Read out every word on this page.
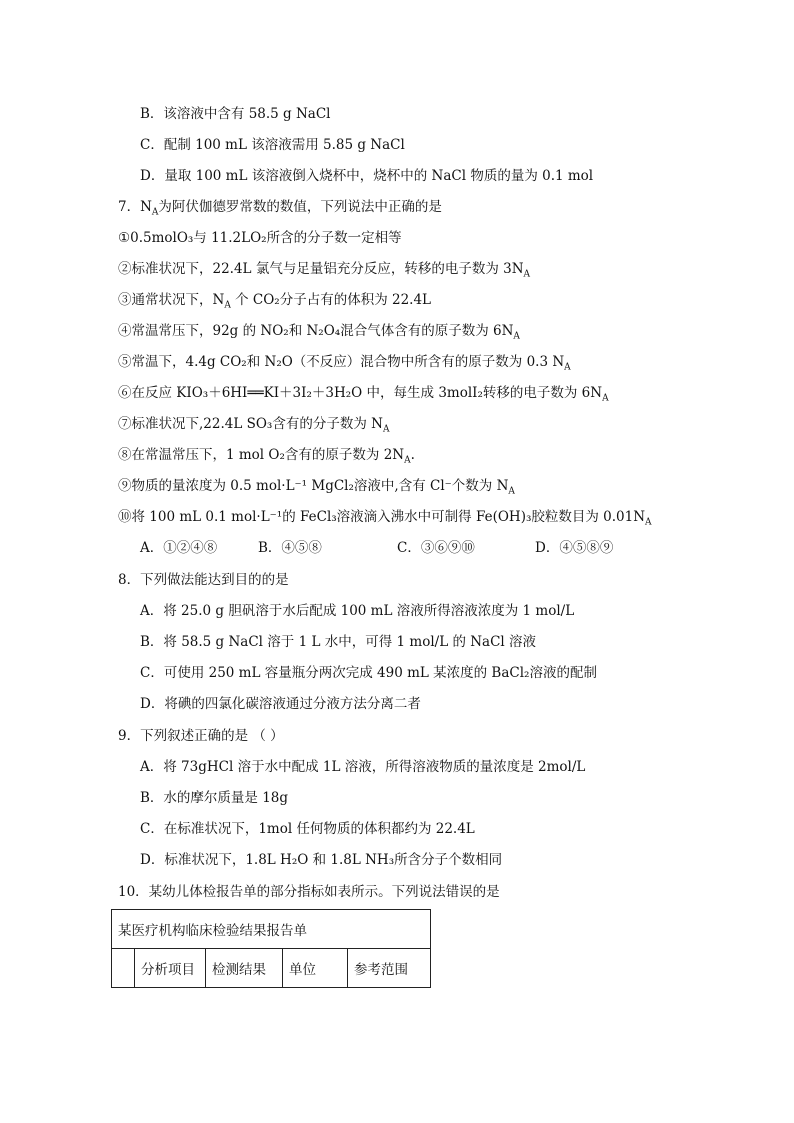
B．该溶液中含有 58.5 g NaCl
C．配制 100 mL 该溶液需用 5.85 g NaCl
D．量取 100 mL 该溶液倒入烧杯中，烧杯中的 NaCl 物质的量为 0.1 mol
7．$N_A$为阿伏伽德罗常数的数值，下列说法中正确的是
①0.5molO₃与 11.2LO₂所含的分子数一定相等
②标准状况下，22.4L 氯气与足量铝充分反应，转移的电子数为 $3N_A$
③通常状况下，$N_A$ 个 CO₂分子占有的体积为 22.4L
④常温常压下，92g 的 NO₂和 N₂O₄混合气体含有的原子数为 $6N_A$
⑤常温下，4.4g CO₂和 N₂O（不反应）混合物中所含有的原子数为 0.3 $N_A$
⑥在反应 KIO₃＋6HI══KI＋3I₂＋3H₂O 中，每生成 3molI₂转移的电子数为 $6N_A$
⑦标准状况下,22.4L SO₃含有的分子数为 $N_A$
⑧在常温常压下，1 mol O₂含有的原子数为 $2N_A$.
⑨物质的量浓度为 0.5 mol·L⁻¹ MgCl₂溶液中,含有 Cl⁻个数为 $N_A$
⑩将 100 mL 0.1 mol·L⁻¹的 FeCl₃溶液滴入沸水中可制得 Fe(OH)₃胶粒数目为 $0.01N_A$
A．①②④⑧	B．④⑤⑧	C．③⑥⑨⑩	D．④⑤⑧⑨
8．下列做法能达到目的的是
A．将 25.0 g 胆矾溶于水后配成 100 mL 溶液所得溶液浓度为 1 mol/L
B．将 58.5 g NaCl 溶于 1 L 水中，可得 1 mol/L 的 NaCl 溶液
C．可使用 250 mL 容量瓶分两次完成 490 mL 某浓度的 BaCl₂溶液的配制
D．将碘的四氯化碳溶液通过分液方法分离二者
9．下列叙述正确的是 （ ）
A．将 73gHCl 溶于水中配成 1L 溶液，所得溶液物质的量浓度是 2mol/L
B．水的摩尔质量是 18g
C．在标准状况下，1mol 任何物质的体积都约为 22.4L
D．标准状况下，1.8L H₂O 和 1.8L NH₃所含分子个数相同
10．某幼儿体检报告单的部分指标如表所示。下列说法错误的是
某医疗机构临床检验结果报告单
	分析项目	检测结果	单位	参考范围
